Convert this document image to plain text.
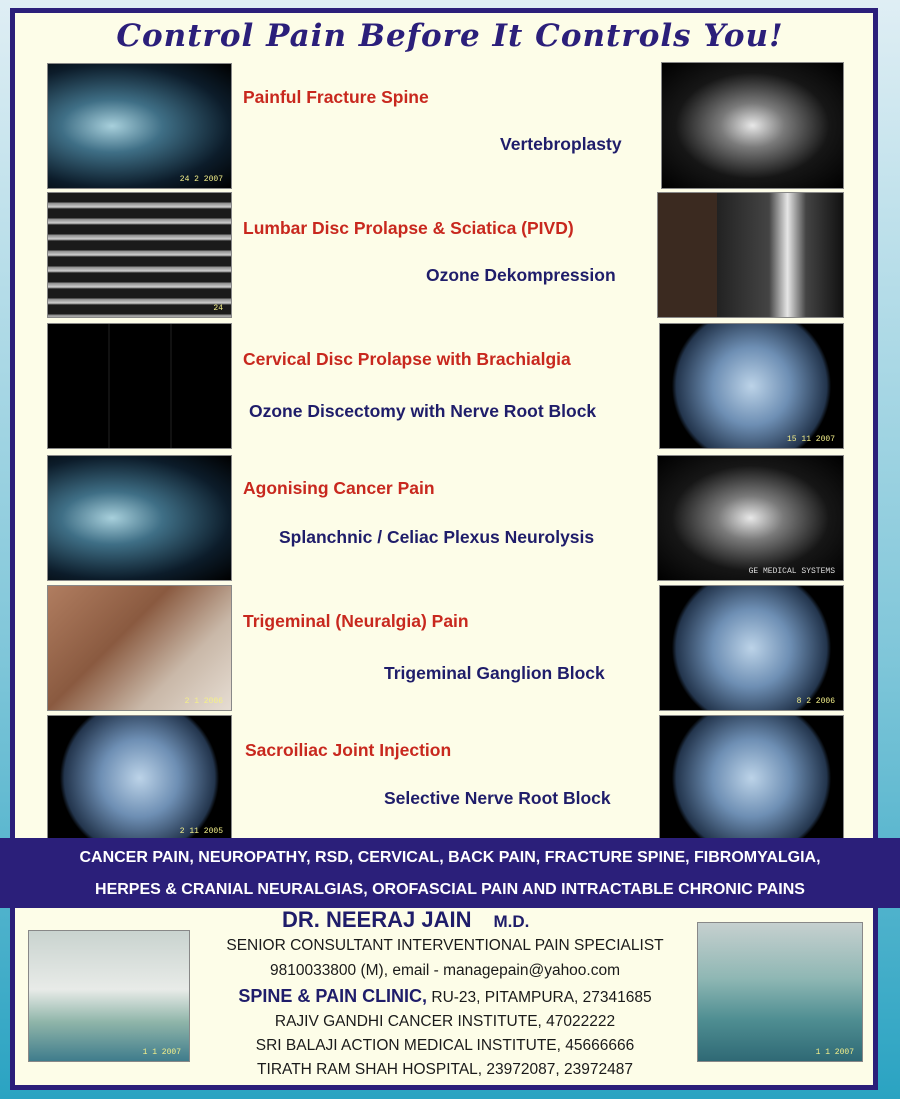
Control Pain Before It Controls You!
24 2 2007
Painful Fracture Spine
Vertebroplasty
24
Lumbar Disc Prolapse & Sciatica (PIVD)
Ozone Dekompression
Cervical Disc Prolapse with Brachialgia
Ozone Discectomy with Nerve Root Block
15 11 2007
Agonising Cancer Pain
Splanchnic / Celiac Plexus Neurolysis
GE MEDICAL SYSTEMS
2 1 2006
Trigeminal (Neuralgia) Pain
Trigeminal Ganglion Block
8 2 2006
2 11 2005
Sacroiliac Joint Injection
Selective Nerve Root Block
CANCER PAIN, NEUROPATHY, RSD, CERVICAL, BACK PAIN, FRACTURE SPINE, FIBROMYALGIA,
HERPES & CRANIAL NEURALGIAS, OROFASCIAL PAIN AND INTRACTABLE CHRONIC PAINS
1 1 2007	1 1 2007
DR. NEERAJ JAIN M.D.
SENIOR CONSULTANT INTERVENTIONAL PAIN SPECIALIST
9810033800 (M), email - managepain@yahoo.com
SPINE & PAIN CLINIC, RU-23, PITAMPURA, 27341685
RAJIV GANDHI CANCER INSTITUTE, 47022222
SRI BALAJI ACTION MEDICAL INSTITUTE, 45666666
TIRATH RAM SHAH HOSPITAL, 23972087, 23972487
